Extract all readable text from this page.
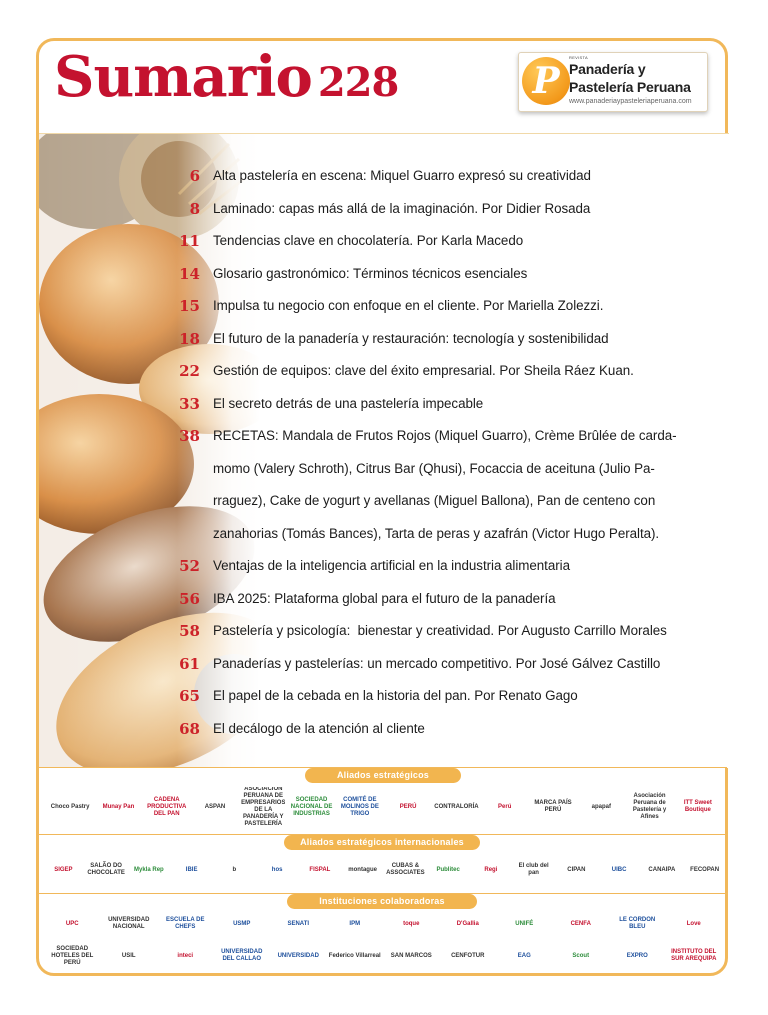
Sumario 228	P
REVISTA
Panadería y
Pastelería Peruana
www.panaderiaypasteleriaperuana.com
6 Alta pastelería en escena: Miquel Guarro expresó su creatividad
8 Laminado: capas más allá de la imaginación. Por Didier Rosada
11 Tendencias clave en chocolatería. Por Karla Macedo
14 Glosario gastronómico: Términos técnicos esenciales
15 Impulsa tu negocio con enfoque en el cliente. Por Mariella Zolezzi.
18 El futuro de la panadería y restauración: tecnología y sostenibilidad
22 Gestión de equipos: clave del éxito empresarial. Por Sheila Ráez Kuan.
33 El secreto detrás de una pastelería impecable
38 RECETAS: Mandala de Frutos Rojos (Miquel Guarro), Crème Brûlée de carda-
momo (Valery Schroth), Citrus Bar (Qhusi), Focaccia de aceituna (Julio Pa-
rraguez), Cake de yogurt y avellanas (Miguel Ballona), Pan de centeno con
zanahorias (Tomás Bances), Tarta de peras y azafrán (Victor Hugo Peralta).
52 Ventajas de la inteligencia artificial en la industria alimentaria
56 IBA 2025: Plataforma global para el futuro de la panadería
58 Pastelería y psicología:  bienestar y creatividad. Por Augusto Carrillo Morales
61 Panaderías y pastelerías: un mercado competitivo. Por José Gálvez Castillo
65 El papel de la cebada en la historia del pan. Por Renato Gago
68 El decálogo de la atención al cliente
Aliados estratégicos
Choco Pastry	Munay Pan
CADENA PRODUCTIVA DEL PAN
ASPAN
ASOCIACIÓN PERUANA DE EMPRESARIOS DE LA PANADERÍA Y PASTELERÍA
SOCIEDAD NACIONAL DE INDUSTRIAS
COMITÉ DE MOLINOS DE TRIGO
PERÚ	CONTRALORÍA	Perú
MARCA PAÍS PERÚ
apapaf
Asociación Peruana de Pastelería y Afines
ITT Sweet Boutique
Aliados estratégicos internacionales
SIGEP
SALÃO DO CHOCOLATE
Mykla Rep	IBIE	b	hos	FISPAL	montague
CUBAS & ASSOCIATES
Publitec	Regi
El club del pan
CIPAN	UIBC	CANAIPA	FECOPAN
Instituciones colaboradoras
UPC
UNIVERSIDAD NACIONAL
ESCUELA DE CHEFS
USMP	SENATI	IPM	toque	D'Gallia	UNIFÉ	CENFA
LE CORDON BLEU
Love
SOCIEDAD HOTELES DEL PERÚ
USIL	inteci
UNIVERSIDAD DEL CALLAO
UNIVERSIDAD	Federico Villarreal	SAN MARCOS	CENFOTUR	EAG	Scout	EXPRO
INSTITUTO DEL SUR AREQUIPA
